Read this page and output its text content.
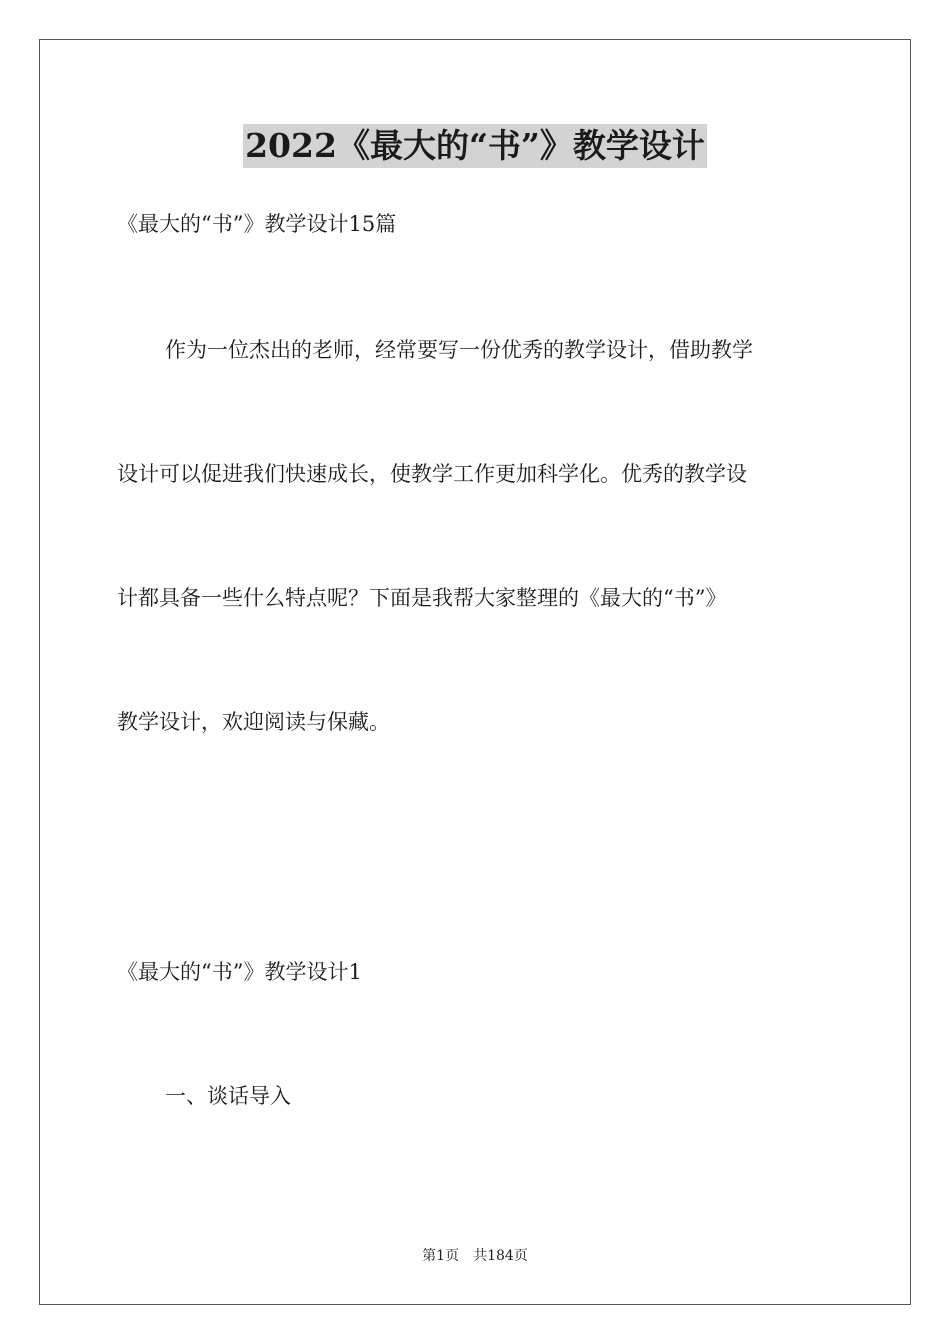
2022《最大的“书”》教学设计
《最大的“书”》教学设计15篇
作为一位杰出的老师，经常要写一份优秀的教学设计，借助教学
设计可以促进我们快速成长，使教学工作更加科学化。优秀的教学设
计都具备一些什么特点呢？下面是我帮大家整理的《最大的“书”》
教学设计，欢迎阅读与保藏。
《最大的“书”》教学设计1
一、谈话导入
第1页 共184页
